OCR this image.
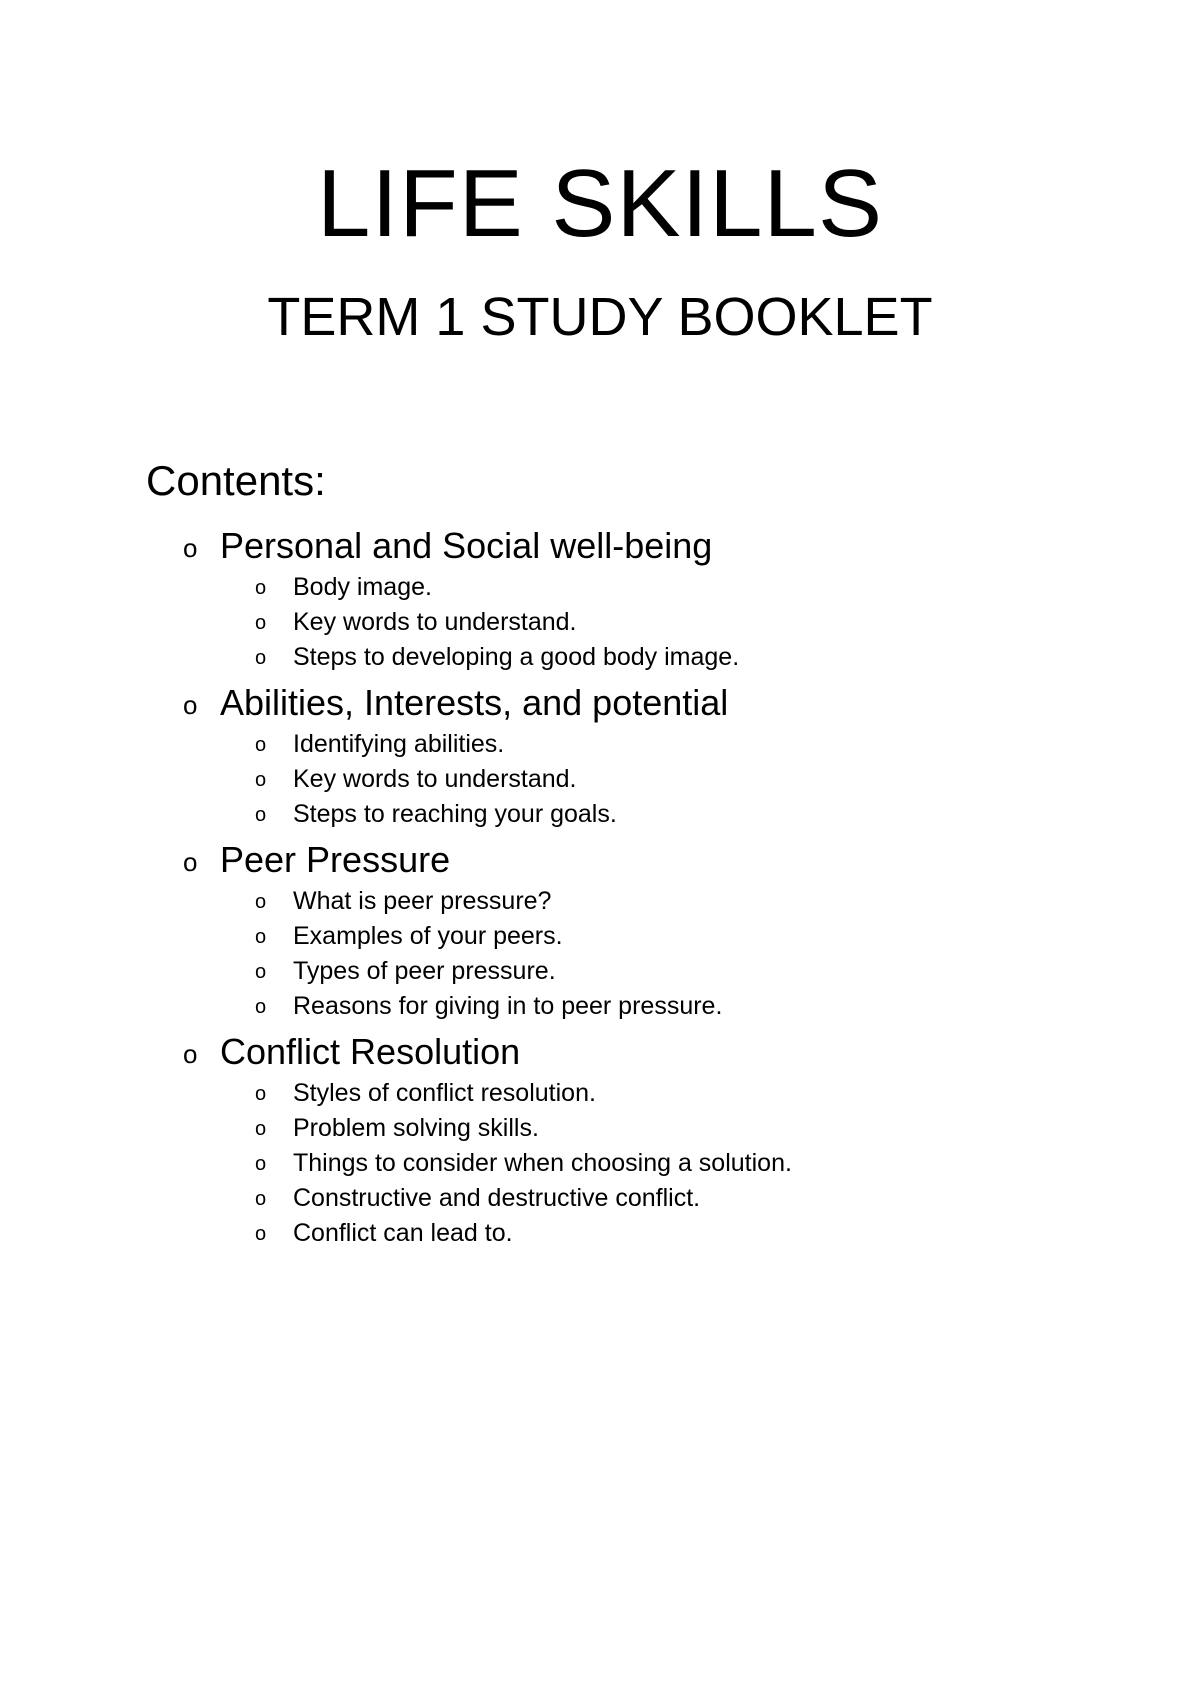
LIFE SKILLS
TERM 1 STUDY BOOKLET
Contents:
o Personal and Social well-being
o Body image.
o Key words to understand.
o Steps to developing a good body image.
o Abilities, Interests, and potential
o Identifying abilities.
o Key words to understand.
o Steps to reaching your goals.
o Peer Pressure
o What is peer pressure?
o Examples of your peers.
o Types of peer pressure.
o Reasons for giving in to peer pressure.
o Conflict Resolution
o Styles of conflict resolution.
o Problem solving skills.
o Things to consider when choosing a solution.
o Constructive and destructive conflict.
o Conflict can lead to.
